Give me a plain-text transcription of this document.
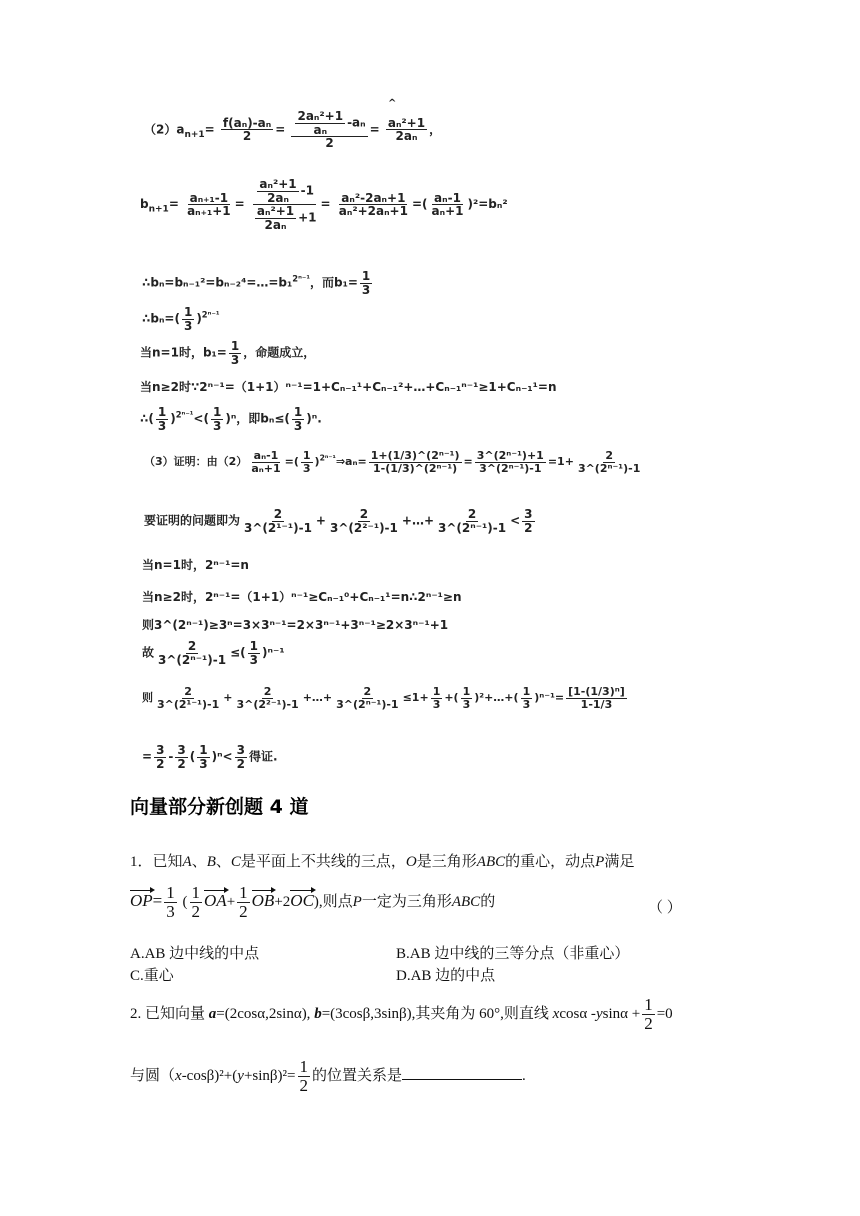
^
$(2)a_{n+1}= \frac{\text{f(aₙ)-aₙ}}{2} = \frac{\frac{\text{2aₙ²+1}}{\text{aₙ}} -a_n}{2} = \frac{\text{aₙ²+1}}{\text{2aₙ}}$ ，
$b_{n+1}= \frac{\text{aₙ₊₁-1}}{\text{aₙ₊₁+1}} = \frac{\frac{\text{aₙ²+1}}{\text{2aₙ}} -1}{\frac{\text{aₙ²+1}}{\text{2aₙ}} +1} = \frac{\text{aₙ²-2aₙ+1}}{\text{aₙ²+2aₙ+1}}$ =( $\frac{\text{aₙ-1}}{\text{aₙ+1}} )^2=b_n^2$
∴bₙ=bₙ₋₁²=bₙ₋₂⁴=…=b₁$^{2^{n-1}}$，而$b_1= \frac{1}{3}$
∴bₙ=( $\frac{1}{3} )^{2^{n-1}}$
当n=1时，$b_1= \frac{1}{3}$ ，命题成立，
当n≥2时∵2ⁿ⁻¹=（1+1）ⁿ⁻¹=1+Cₙ₋₁¹+Cₙ₋₁²+…+Cₙ₋₁ⁿ⁻¹≥1+Cₙ₋₁¹=n
∴( $\frac{1}{3} )^{2^{n-1}}<( \frac{1}{3} )^n$，即$b_n\le( \frac{1}{3} )^n$.
（3）证明：由$(2) \frac{\text{aₙ-1}}{\text{aₙ+1}}$ =( $\frac{1}{3}$ )$^{2^{n-1}}$⇒aₙ= $\frac{\text{1+(1/3)\textasciicircum{}(2ⁿ⁻¹)}}{\text{1-(1/3)\textasciicircum{}(2ⁿ⁻¹)}} = \frac{\text{3\textasciicircum{}(2ⁿ⁻¹)+1}}{\text{3\textasciicircum{}(2ⁿ⁻¹)-1}} =1+ \frac{2}{\text{3\textasciicircum{}(2ⁿ⁻¹)-1}}$
要证明的问题即为 $\frac{2}{\text{3\textasciicircum{}(2¹⁻¹)-1}} + \frac{2}{\text{3\textasciicircum{}(2²⁻¹)-1}}$ +…+ $\frac{2}{\text{3\textasciicircum{}(2ⁿ⁻¹)-1}} < \frac{3}{2}$
当n=1时，2ⁿ⁻¹=n
当n≥2时，2ⁿ⁻¹=（1+1）ⁿ⁻¹≥Cₙ₋₁⁰+Cₙ₋₁¹=n∴2ⁿ⁻¹≥n
则3^(2ⁿ⁻¹)≥3ⁿ=3×3ⁿ⁻¹=2×3ⁿ⁻¹+3ⁿ⁻¹≥2×3ⁿ⁻¹+1
故 $\frac{2}{\text{3\textasciicircum{}(2ⁿ⁻¹)-1}}$ ≤( $\frac{1}{3} )^{n-1}$
则 $\frac{2}{\text{3\textasciicircum{}(2¹⁻¹)-1}} + \frac{2}{\text{3\textasciicircum{}(2²⁻¹)-1}}$ +…+ $\frac{2}{\text{3\textasciicircum{}(2ⁿ⁻¹)-1}} \le 1+ \frac{1}{3}$ +( $\frac{1}{3}$ )²+…+( $\frac{1}{3} )^{n-1}= \frac{\text{[1-(1/3)ⁿ]}}{1-1/3}$
= $\frac{3}{2} - \frac{3}{2}$ ( $\frac{1}{3} )^n< \frac{3}{2}$ 得证.
向量部分新创题 4 道
1．已知A、B、C是平面上不共线的三点，O是三角形ABC的重心，动点P满足
$OP= \frac{1}{3}$ ( $\frac{1}{2} OA+ \frac{1}{2} OB+2OC$),则点P一定为三角形ABC的	（ ）
A.AB 边中线的中点	B.AB 边中线的三等分点（非重心）
C.重心	D.AB 边的中点
2. 已知向量 a=(2cosα,2sinα), b=(3cosβ,3sinβ),其夹角为 60°,则直线 xcosα $-ysin\alpha + \frac{1}{2} =0$
与圆$(x-\cos\beta)^2+(y+\sin\beta)^2= \frac{1}{2}$ 的位置关系是	.
